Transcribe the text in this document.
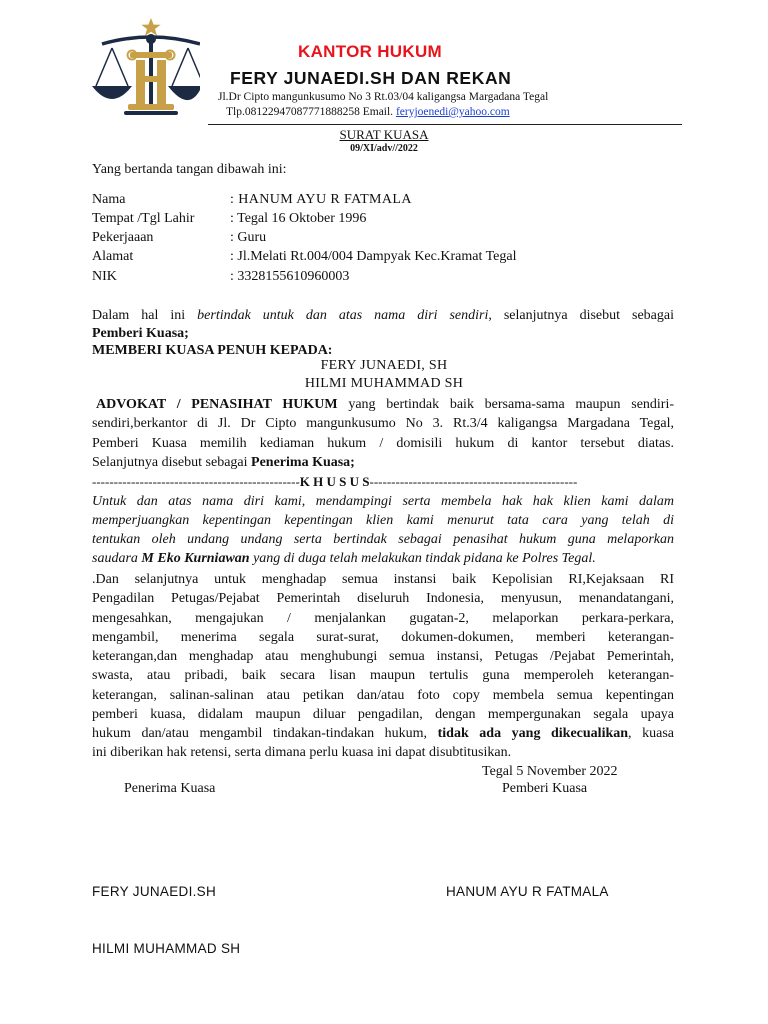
KANTOR HUKUM
FERY JUNAEDI.SH DAN REKAN
Jl.Dr Cipto mangunkusumo No 3 Rt.03/04 kaligangsa Margadana Tegal
Tlp.08122947087771888258 Email. feryjoenedi@yahoo.com
SURAT KUASA
09/XI/adv//2022
Yang bertanda tangan dibawah ini:
Nama	: HANUM AYU R FATMALA
Tempat /Tgl Lahir	: Tegal 16 Oktober 1996
Pekerjaaan	: Guru
Alamat	: Jl.Melati Rt.004/004 Dampyak Kec.Kramat Tegal
NIK	: 3328155610960003
Dalam hal ini bertindak untuk dan atas nama diri sendiri, selanjutnya disebut sebagai
Pemberi Kuasa;
MEMBERI KUASA PENUH KEPADA:
FERY JUNAEDI, SH
HILMI MUHAMMAD SH
ADVOKAT / PENASIHAT HUKUM yang bertindak baik bersama-sama maupun sendiri-
sendiri,berkantor di Jl. Dr Cipto mangunkusumo No 3. Rt.3/4 kaligangsa Margadana Tegal,
Pemberi Kuasa memilih kediaman hukum / domisili hukum di kantor tersebut diatas.
Selanjutnya disebut sebagai Penerima Kuasa;
------------------------------------------------K H U S U S------------------------------------------------
Untuk dan atas nama diri kami, mendampingi serta membela hak hak klien kami dalam
memperjuangkan kepentingan kepentingan klien kami menurut tata cara yang telah di
tentukan oleh undang undang serta bertindak sebagai penasihat hukum guna melaporkan
saudara M Eko Kurniawan yang di duga telah melakukan tindak pidana ke Polres Tegal.
.Dan selanjutnya untuk menghadap semua instansi baik Kepolisian RI,Kejaksaan RI
Pengadilan Petugas/Pejabat Pemerintah diseluruh Indonesia, menyusun, menandatangani,
mengesahkan, mengajukan / menjalankan gugatan-2, melaporkan perkara-perkara,
mengambil, menerima segala surat-surat, dokumen-dokumen, memberi keterangan-
keterangan,dan menghadap atau menghubungi semua instansi, Petugas /Pejabat Pemerintah,
swasta, atau pribadi, baik secara lisan maupun tertulis guna memperoleh keterangan-
keterangan, salinan-salinan atau petikan dan/atau foto copy membela semua kepentingan
pemberi kuasa, didalam maupun diluar pengadilan, dengan mempergunakan segala upaya
hukum dan/atau mengambil tindakan-tindakan hukum, tidak ada yang dikecualikan, kuasa
ini diberikan hak retensi, serta dimana perlu kuasa ini dapat disubtitusikan.
Tegal 5 November 2022
Penerima Kuasa	Pemberi Kuasa
FERY JUNAEDI.SH	HANUM AYU R FATMALA
HILMI MUHAMMAD SH
